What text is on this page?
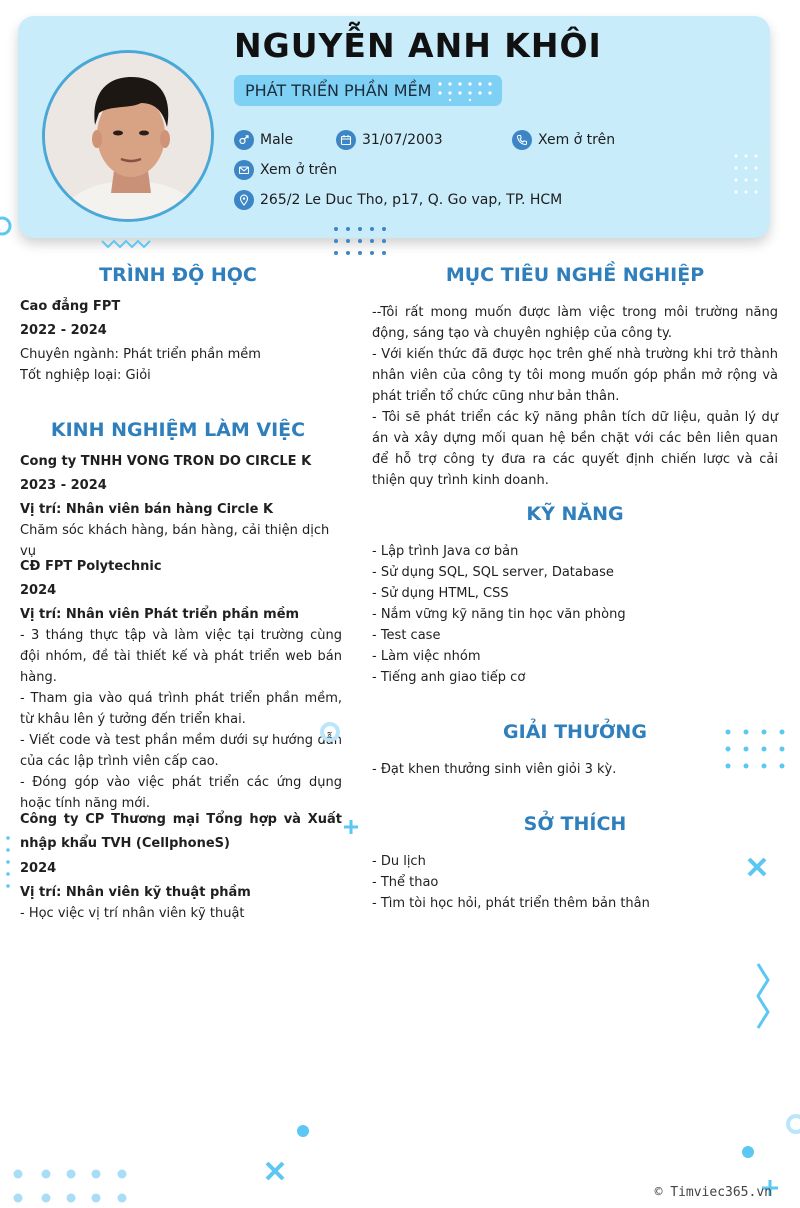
NGUYỄN ANH KHÔI
PHÁT TRIỂN PHẦN MỀM
Male	31/07/2003	Xem ở trên
Xem ở trên
265/2 Le Duc Tho, p17, Q. Go vap, TP. HCM
TRÌNH ĐỘ HỌC
Cao đẳng FPT
2022 - 2024
Chuyên ngành: Phát triển phần mềm
Tốt nghiệp loại: Giỏi
KINH NGHIỆM LÀM VIỆC
Cong ty TNHH VONG TRON DO CIRCLE K
2023 - 2024
Vị trí: Nhân viên bán hàng Circle K
Chăm sóc khách hàng, bán hàng, cải thiện dịch vụ
CĐ FPT Polytechnic
2024
Vị trí: Nhân viên Phát triển phần mềm
- 3 tháng thực tập và làm việc tại trường cùng đội nhóm, đề tài thiết kế và phát triển web bán hàng.
- Tham gia vào quá trình phát triển phần mềm, từ khâu lên ý tưởng đến triển khai.
- Viết code và test phần mềm dưới sự hướng dẫn của các lập trình viên cấp cao.
- Đóng góp vào việc phát triển các ứng dụng hoặc tính năng mới.
Công ty CP Thương mại Tổng hợp và Xuất nhập khẩu TVH (CellphoneS)
2024
Vị trí: Nhân viên kỹ thuật phầm
- Học việc vị trí nhân viên kỹ thuật
MỤC TIÊU NGHỀ NGHIỆP
--Tôi rất mong muốn được làm việc trong môi trường năng động, sáng tạo và chuyên nghiệp của công ty.
- Với kiến thức đã được học trên ghế nhà trường khi trở thành nhân viên của công ty tôi mong muốn góp phần mở rộng và phát triển tổ chức cũng như bản thân.
- Tôi sẽ phát triển các kỹ năng phân tích dữ liệu, quản lý dự án và xây dựng mối quan hệ bền chặt với các bên liên quan để hỗ trợ công ty đưa ra các quyết định chiến lược và cải thiện quy trình kinh doanh.
KỸ NĂNG
- Lập trình Java cơ bản
- Sử dụng SQL, SQL server, Database
- Sử dụng HTML, CSS
- Nắm vững kỹ năng tin học văn phòng
- Test case
- Làm việc nhóm
- Tiếng anh giao tiếp cơ
GIẢI THƯỞNG
- Đạt khen thưởng sinh viên giỏi 3 kỳ.
SỞ THÍCH
- Du lịch
- Thể thao
- Tìm tòi học hỏi, phát triển thêm bản thân
© Timviec365.vn
